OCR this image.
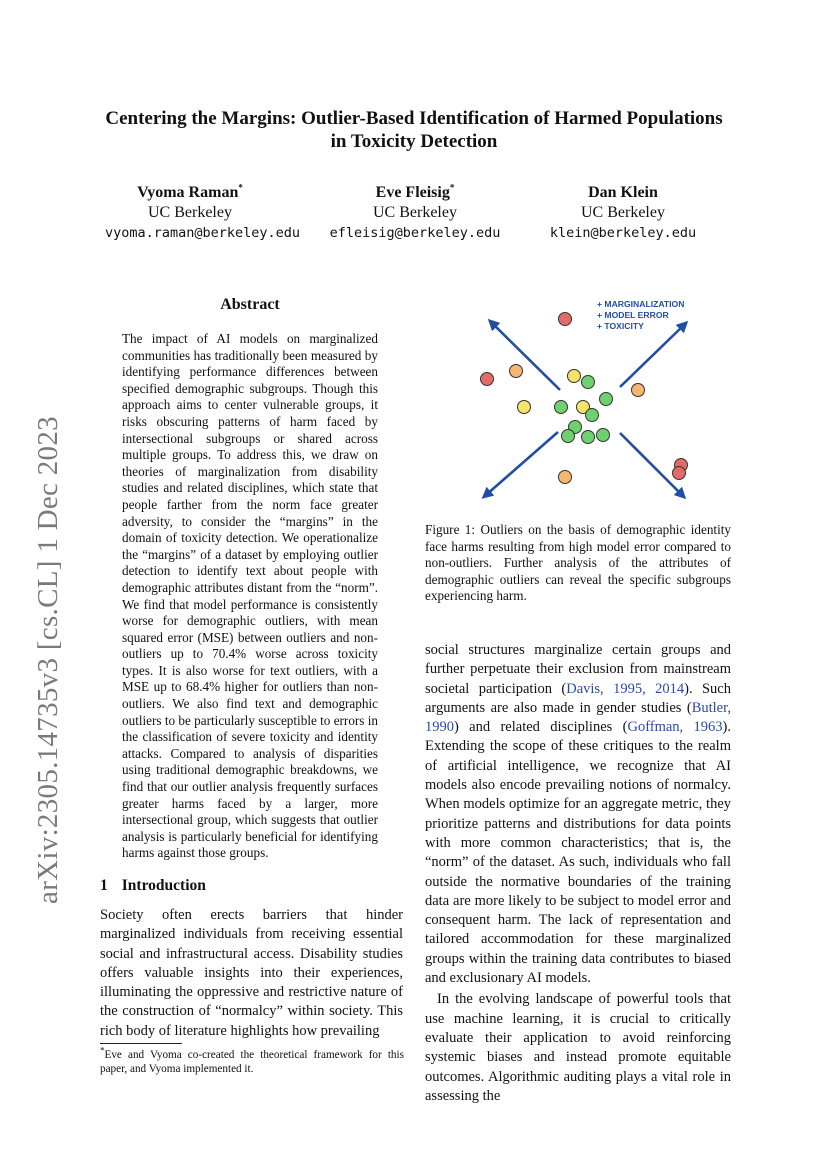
arXiv:2305.14735v3 [cs.CL] 1 Dec 2023
Centering the Margins: Outlier-Based Identification of Harmed Populations in Toxicity Detection
Vyoma Raman*
UC Berkeley
vyoma.raman@berkeley.edu
Eve Fleisig*
UC Berkeley
efleisig@berkeley.edu
Dan Klein
UC Berkeley
klein@berkeley.edu
Abstract
The impact of AI models on marginalized communities has traditionally been measured by identifying performance differences between specified demographic subgroups. Though this approach aims to center vulnerable groups, it risks obscuring patterns of harm faced by intersectional subgroups or shared across multiple groups. To address this, we draw on theories of marginalization from disability studies and related disciplines, which state that people farther from the norm face greater adversity, to consider the “margins” in the domain of toxicity detection. We operationalize the “margins” of a dataset by employing outlier detection to identify text about people with demographic attributes distant from the “norm”. We find that model performance is consistently worse for demographic outliers, with mean squared error (MSE) between outliers and non-outliers up to 70.4% worse across toxicity types. It is also worse for text outliers, with a MSE up to 68.4% higher for outliers than non-outliers. We also find text and demographic outliers to be particularly susceptible to errors in the classification of severe toxicity and identity attacks. Compared to analysis of disparities using traditional demographic breakdowns, we find that our outlier analysis frequently surfaces greater harms faced by a larger, more intersectional group, which suggests that outlier analysis is particularly beneficial for identifying harms against those groups.
1 Introduction
Society often erects barriers that hinder marginalized individuals from receiving essential social and infrastructural access. Disability studies offers valuable insights into their experiences, illuminating the oppressive and restrictive nature of the construction of “normalcy” within society. This rich body of literature highlights how prevailing
*Eve and Vyoma co-created the theoretical framework for this paper, and Vyoma implemented it.
+ MARGINALIZATION
+ MODEL ERROR
+ TOXICITY
Figure 1: Outliers on the basis of demographic identity face harms resulting from high model error compared to non-outliers. Further analysis of the attributes of demographic outliers can reveal the specific subgroups experiencing harm.

social structures marginalize certain groups and further perpetuate their exclusion from mainstream societal participation (Davis, 1995, 2014). Such arguments are also made in gender studies (Butler, 1990) and related disciplines (Goffman, 1963). Extending the scope of these critiques to the realm of artificial intelligence, we recognize that AI models also encode prevailing notions of normalcy. When models optimize for an aggregate metric, they prioritize patterns and distributions for data points with more common characteristics; that is, the “norm” of the dataset. As such, individuals who fall outside the normative boundaries of the training data are more likely to be subject to model error and consequent harm. The lack of representation and tailored accommodation for these marginalized groups within the training data contributes to biased and exclusionary AI models.

In the evolving landscape of powerful tools that use machine learning, it is crucial to critically evaluate their application to avoid reinforcing systemic biases and instead promote equitable outcomes. Algorithmic auditing plays a vital role in assessing the
